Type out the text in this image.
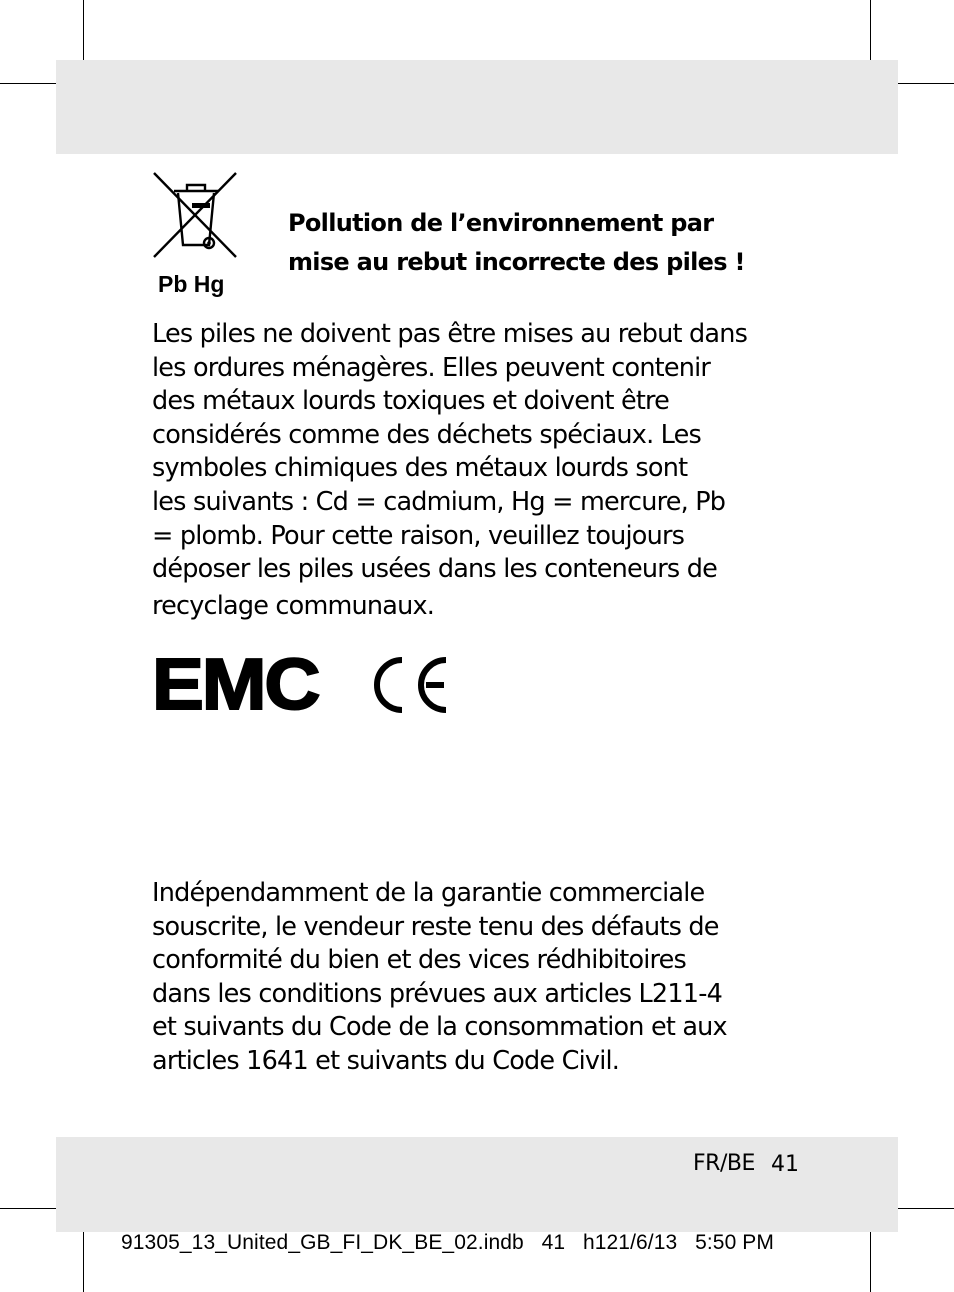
Pb Hg
Pollution de l’environnement par
mise au rebut incorrecte des piles !
Les piles ne doivent pas être mises au rebut dans
les ordures ménagères. Elles peuvent contenir
des métaux lourds toxiques et doivent être
considérés comme des déchets spéciaux. Les
symboles chimiques des métaux lourds sont
les suivants : Cd = cadmium, Hg = mercure, Pb
= plomb. Pour cette raison, veuillez toujours
déposer les piles usées dans les conteneurs de
recyclage communaux.
EMC
Indépendamment de la garantie commerciale
souscrite, le vendeur reste tenu des défauts de
conformité du bien et des vices rédhibitoires
dans les conditions prévues aux articles L211-4
et suivants du Code de la consommation et aux
articles 1641 et suivants du Code Civil.
FR/BE 41
91305_13_United_GB_FI_DK_BE_02.indb   41   h121/6/13   5:50 PM
